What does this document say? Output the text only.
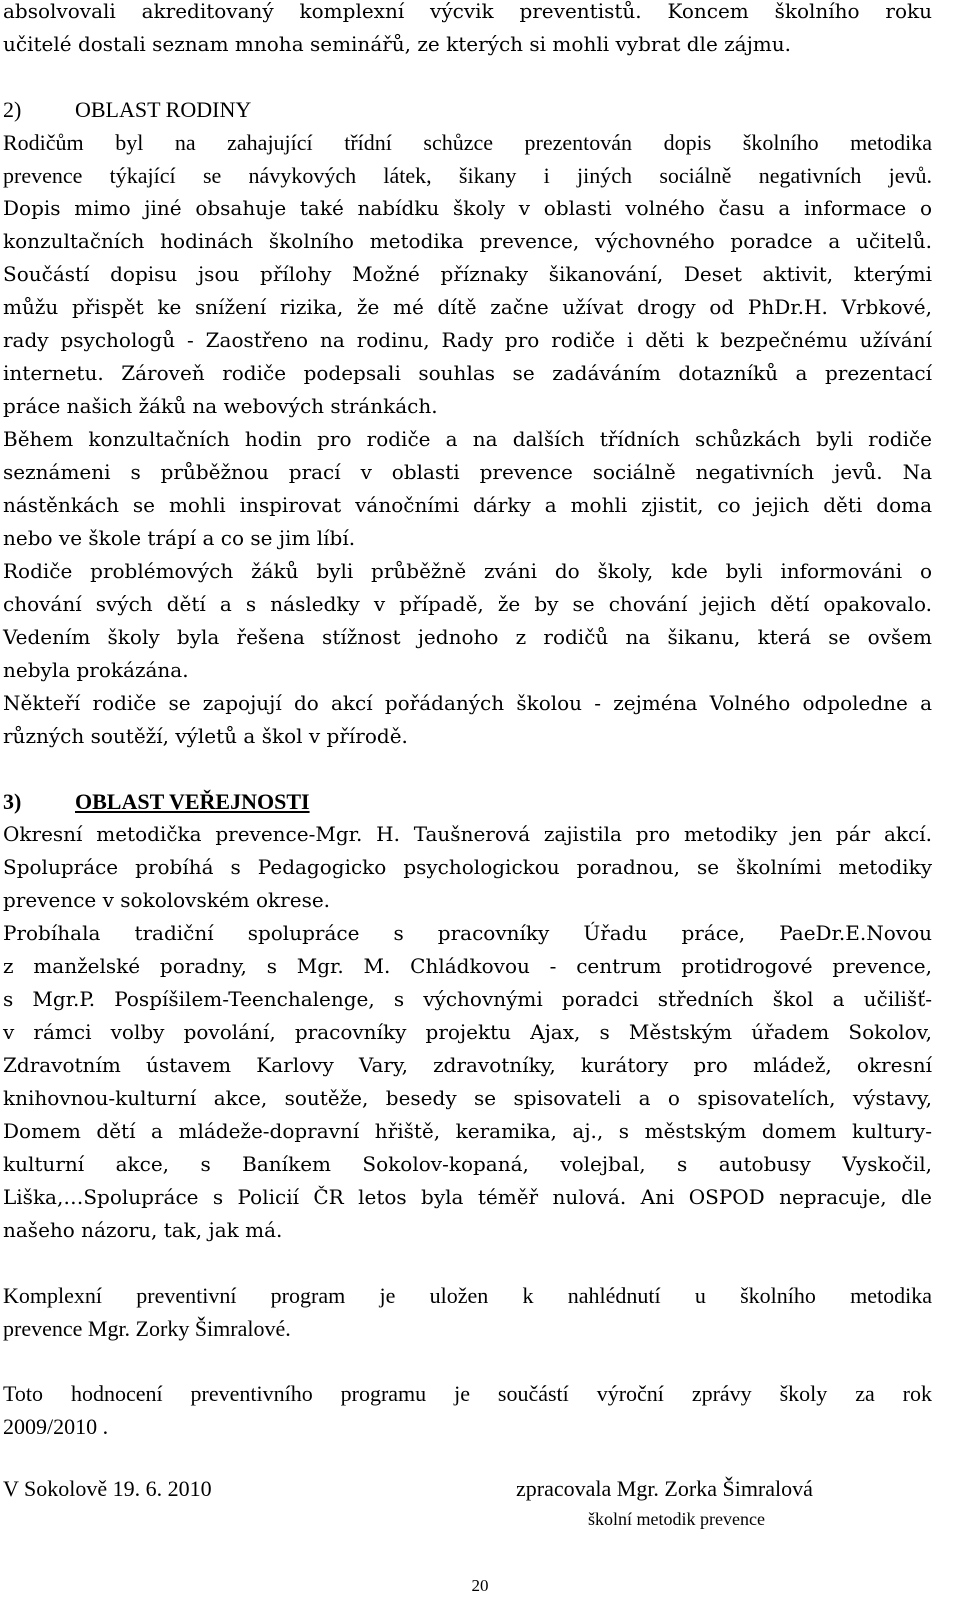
absolvovali akreditovaný komplexní výcvik preventistů. Koncem školního roku
učitelé dostali seznam mnoha seminářů, ze kterých si mohli vybrat dle zájmu.
2) OBLAST RODINY
Rodičům byl na zahajující třídní schůzce prezentován dopis školního metodika
prevence týkající se návykových látek, šikany i jiných sociálně negativních jevů.
Dopis mimo jiné obsahuje také nabídku školy v oblasti volného času a informace o
konzultačních hodinách školního metodika prevence, výchovného poradce a učitelů.
Součástí dopisu jsou přílohy Možné příznaky šikanování, Deset aktivit, kterými
můžu přispět ke snížení rizika, že mé dítě začne užívat drogy od PhDr.H. Vrbkové,
rady psychologů - Zaostřeno na rodinu, Rady pro rodiče i děti k bezpečnému užívání
internetu. Zároveň rodiče podepsali souhlas se zadáváním dotazníků a prezentací
práce našich žáků na webových stránkách.
Během konzultačních hodin pro rodiče a na dalších třídních schůzkách byli rodiče
seznámeni s průběžnou prací v oblasti prevence sociálně negativních jevů. Na
nástěnkách se mohli inspirovat vánočními dárky a mohli zjistit, co jejich děti doma
nebo ve škole trápí a co se jim líbí.
Rodiče problémových žáků byli průběžně zváni do školy, kde byli informováni o
chování svých dětí a s následky v případě, že by se chování jejich dětí opakovalo.
Vedením školy byla řešena stížnost jednoho z rodičů na šikanu, která se ovšem
nebyla prokázána.
Někteří rodiče se zapojují do akcí pořádaných školou - zejména Volného odpoledne a
různých soutěží, výletů a škol v přírodě.
3) OBLAST VEŘEJNOSTI
Okresní metodička prevence-Mgr. H. Taušnerová zajistila pro metodiky jen pár akcí.
Spolupráce probíhá s Pedagogicko psychologickou poradnou, se školními metodiky
prevence v sokolovském okrese.
Probíhala tradiční spolupráce s pracovníky Úřadu práce, PaeDr.E.Novou
z manželské poradny, s Mgr. M. Chládkovou - centrum protidrogové prevence,
s Mgr.P. Pospíšilem-Teenchalenge, s výchovnými poradci středních škol a učilišť-
v rámci volby povolání, pracovníky projektu Ajax, s Městským úřadem Sokolov,
Zdravotním ústavem Karlovy Vary, zdravotníky, kurátory pro mládež, okresní
knihovnou-kulturní akce, soutěže, besedy se spisovateli a o spisovatelích, výstavy,
Domem dětí a mládeže-dopravní hřiště, keramika, aj., s městským domem kultury-
kulturní akce, s Baníkem Sokolov-kopaná, volejbal, s autobusy Vyskočil,
Liška,…Spolupráce s Policií ČR letos byla téměř nulová. Ani OSPOD nepracuje, dle
našeho názoru, tak, jak má.
Komplexní preventivní program je uložen k nahlédnutí u školního metodika
prevence Mgr. Zorky Šimralové.
Toto hodnocení preventivního programu je součástí výroční zprávy školy za rok
2009/2010 .
V Sokolově 19. 6. 2010	zpracovala Mgr. Zorka Šimralová
školní metodik prevence
20
